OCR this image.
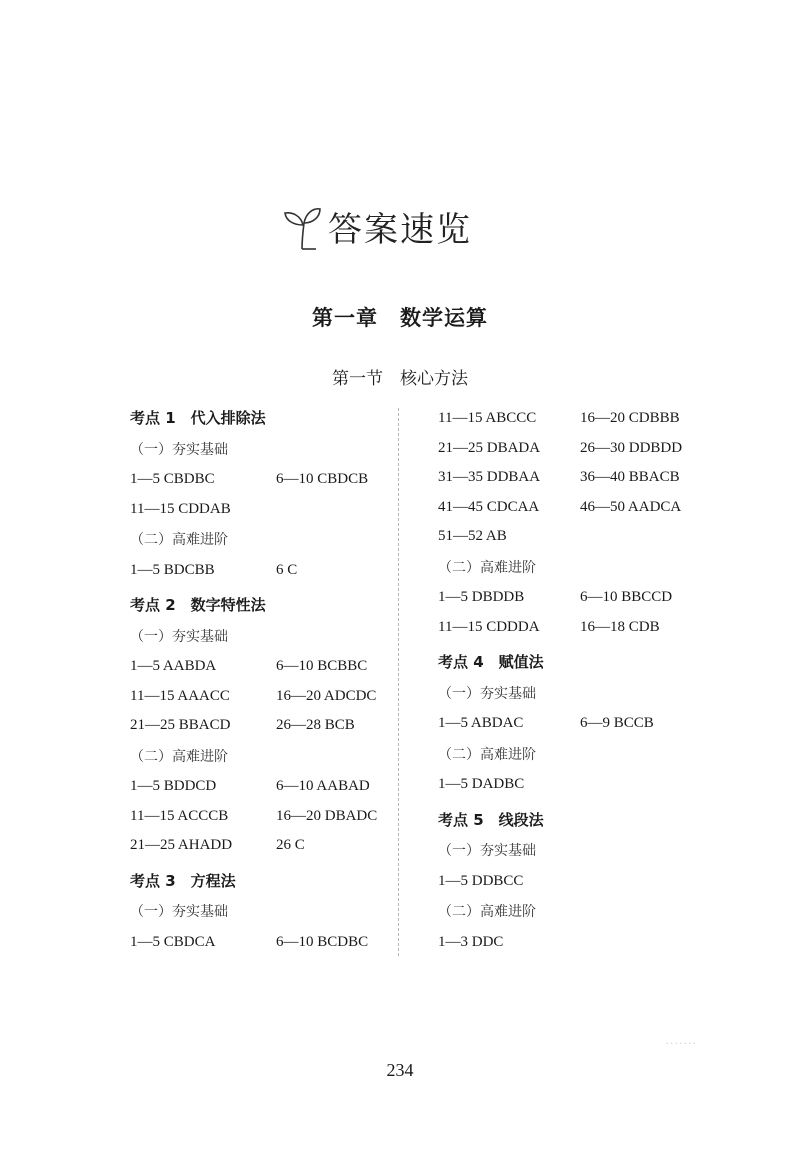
答案速览
第一章　数学运算
第一节　核心方法
考点 1　代入排除法
（一）夯实基础
1—5 CBDBC	6—10 CBDCB
11—15 CDDAB
（二）高难进阶
1—5 BDCBB	6 C
考点 2　数字特性法
（一）夯实基础
1—5 AABDA	6—10 BCBBC
11—15 AAACC	16—20 ADCDC
21—25 BBACD	26—28 BCB
（二）高难进阶
1—5 BDDCD	6—10 AABAD
11—15 ACCCB	16—20 DBADC
21—25 AHADD	26 C
考点 3　方程法
（一）夯实基础
1—5 CBDCA	6—10 BCDBC
11—15 ABCCC	16—20 CDBBB
21—25 DBADA	26—30 DDBDD
31—35 DDBAA	36—40 BBACB
41—45 CDCAA	46—50 AADCA
51—52 AB
（二）高难进阶
1—5 DBDDB	6—10 BBCCD
11—15 CDDDA	16—18 CDB
考点 4　赋值法
（一）夯实基础
1—5 ABDAC	6—9 BCCB
（二）高难进阶
1—5 DADBC
考点 5　线段法
（一）夯实基础
1—5 DDBCC
（二）高难进阶
1—3 DDC
.......
234
